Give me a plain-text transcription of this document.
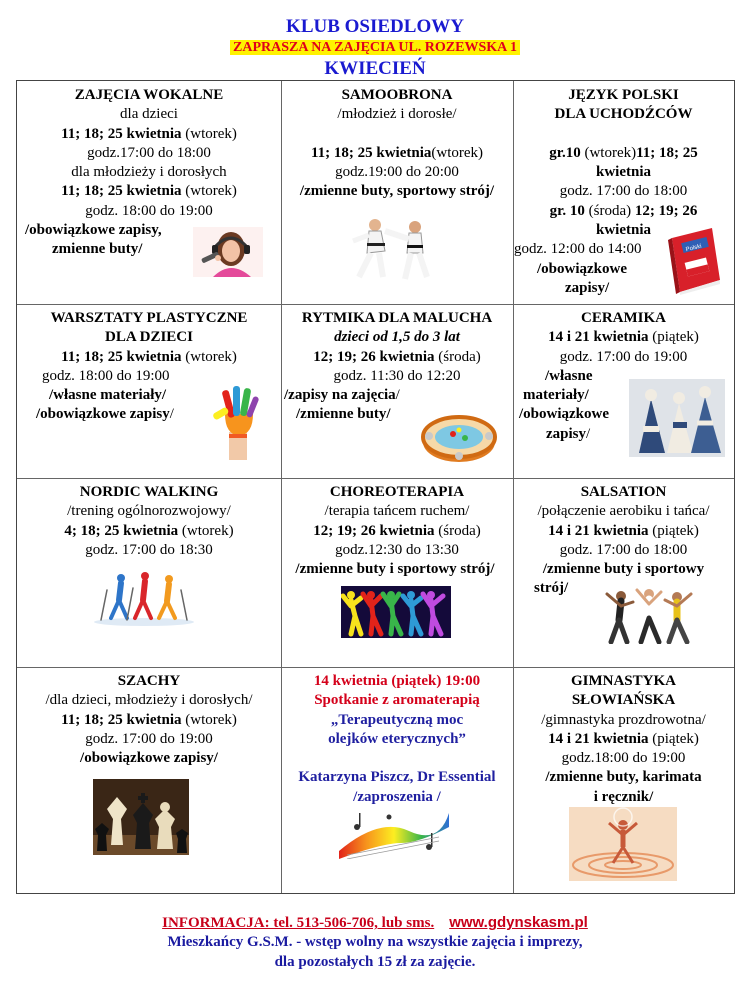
KLUB OSIEDLOWY
ZAPRASZA NA ZAJĘCIA UL. ROZEWSKA 1
KWIECIEŃ
ZAJĘCIA WOKALNE
dla dzieci
11; 18; 25 kwietnia (wtorek)
godz.17:00 do 18:00
dla młodzieży i dorosłych
11; 18; 25 kwietnia (wtorek)
godz. 18:00 do 19:00
/obowiązkowe zapisy,
zmienne buty/
SAMOOBRONA
/młodzież i dorosłe/

11; 18; 25 kwietnia(wtorek)
godz.19:00 do 20:00
/zmienne buty, sportowy strój/
JĘZYK POLSKI
DLA UCHODŹCÓW

gr.10 (wtorek)11; 18; 25
kwietnia
godz. 17:00 do 18:00
gr. 10 (środa) 12; 19; 26
kwietnia
godz. 12:00 do 14:00
/obowiązkowe
zapisy/
Polski
WARSZTATY PLASTYCZNE
DLA DZIECI
11; 18; 25 kwietnia (wtorek)
godz. 18:00 do 19:00
/własne materiały/
/obowiązkowe zapisy/
RYTMIKA DLA MALUCHA
dzieci od 1,5 do 3 lat
12; 19; 26 kwietnia (środa)
godz. 11:30 do 12:20
/zapisy na zajęcia/
/zmienne buty/
CERAMIKA
14 i 21 kwietnia (piątek)
godz. 17:00 do 19:00
/własne
materiały/
/obowiązkowe
zapisy/
NORDIC WALKING
/trening ogólnorozwojowy/
4; 18; 25 kwietnia (wtorek)
godz. 17:00 do 18:30
CHOREOTERAPIA
/terapia tańcem ruchem/
12; 19; 26 kwietnia (środa)
godz.12:30 do 13:30
/zmienne buty i sportowy strój/
SALSATION
/połączenie aerobiku i tańca/
14 i 21 kwietnia (piątek)
godz. 17:00 do 18:00
/zmienne buty i sportowy
strój/
SZACHY
/dla dzieci, młodzieży i dorosłych/
11; 18; 25 kwietnia (wtorek)
godz. 17:00 do 19:00
/obowiązkowe zapisy/
14 kwietnia (piątek) 19:00
Spotkanie z aromaterapią
„Terapeutyczną moc
olejków eterycznych”

Katarzyna Piszcz, Dr Essential
/zaproszenia /
GIMNASTYKA
SŁOWIAŃSKA
/gimnastyka prozdrowotna/
14 i 21 kwietnia (piątek)
godz.18:00 do 19:00
/zmienne buty, karimata
i ręcznik/
INFORMACJA: tel. 513-506-706, lub sms. www.gdynskasm.pl
Mieszkańcy G.S.M. - wstęp wolny na wszystkie zajęcia i imprezy,
dla pozostałych 15 zł za zajęcie.
